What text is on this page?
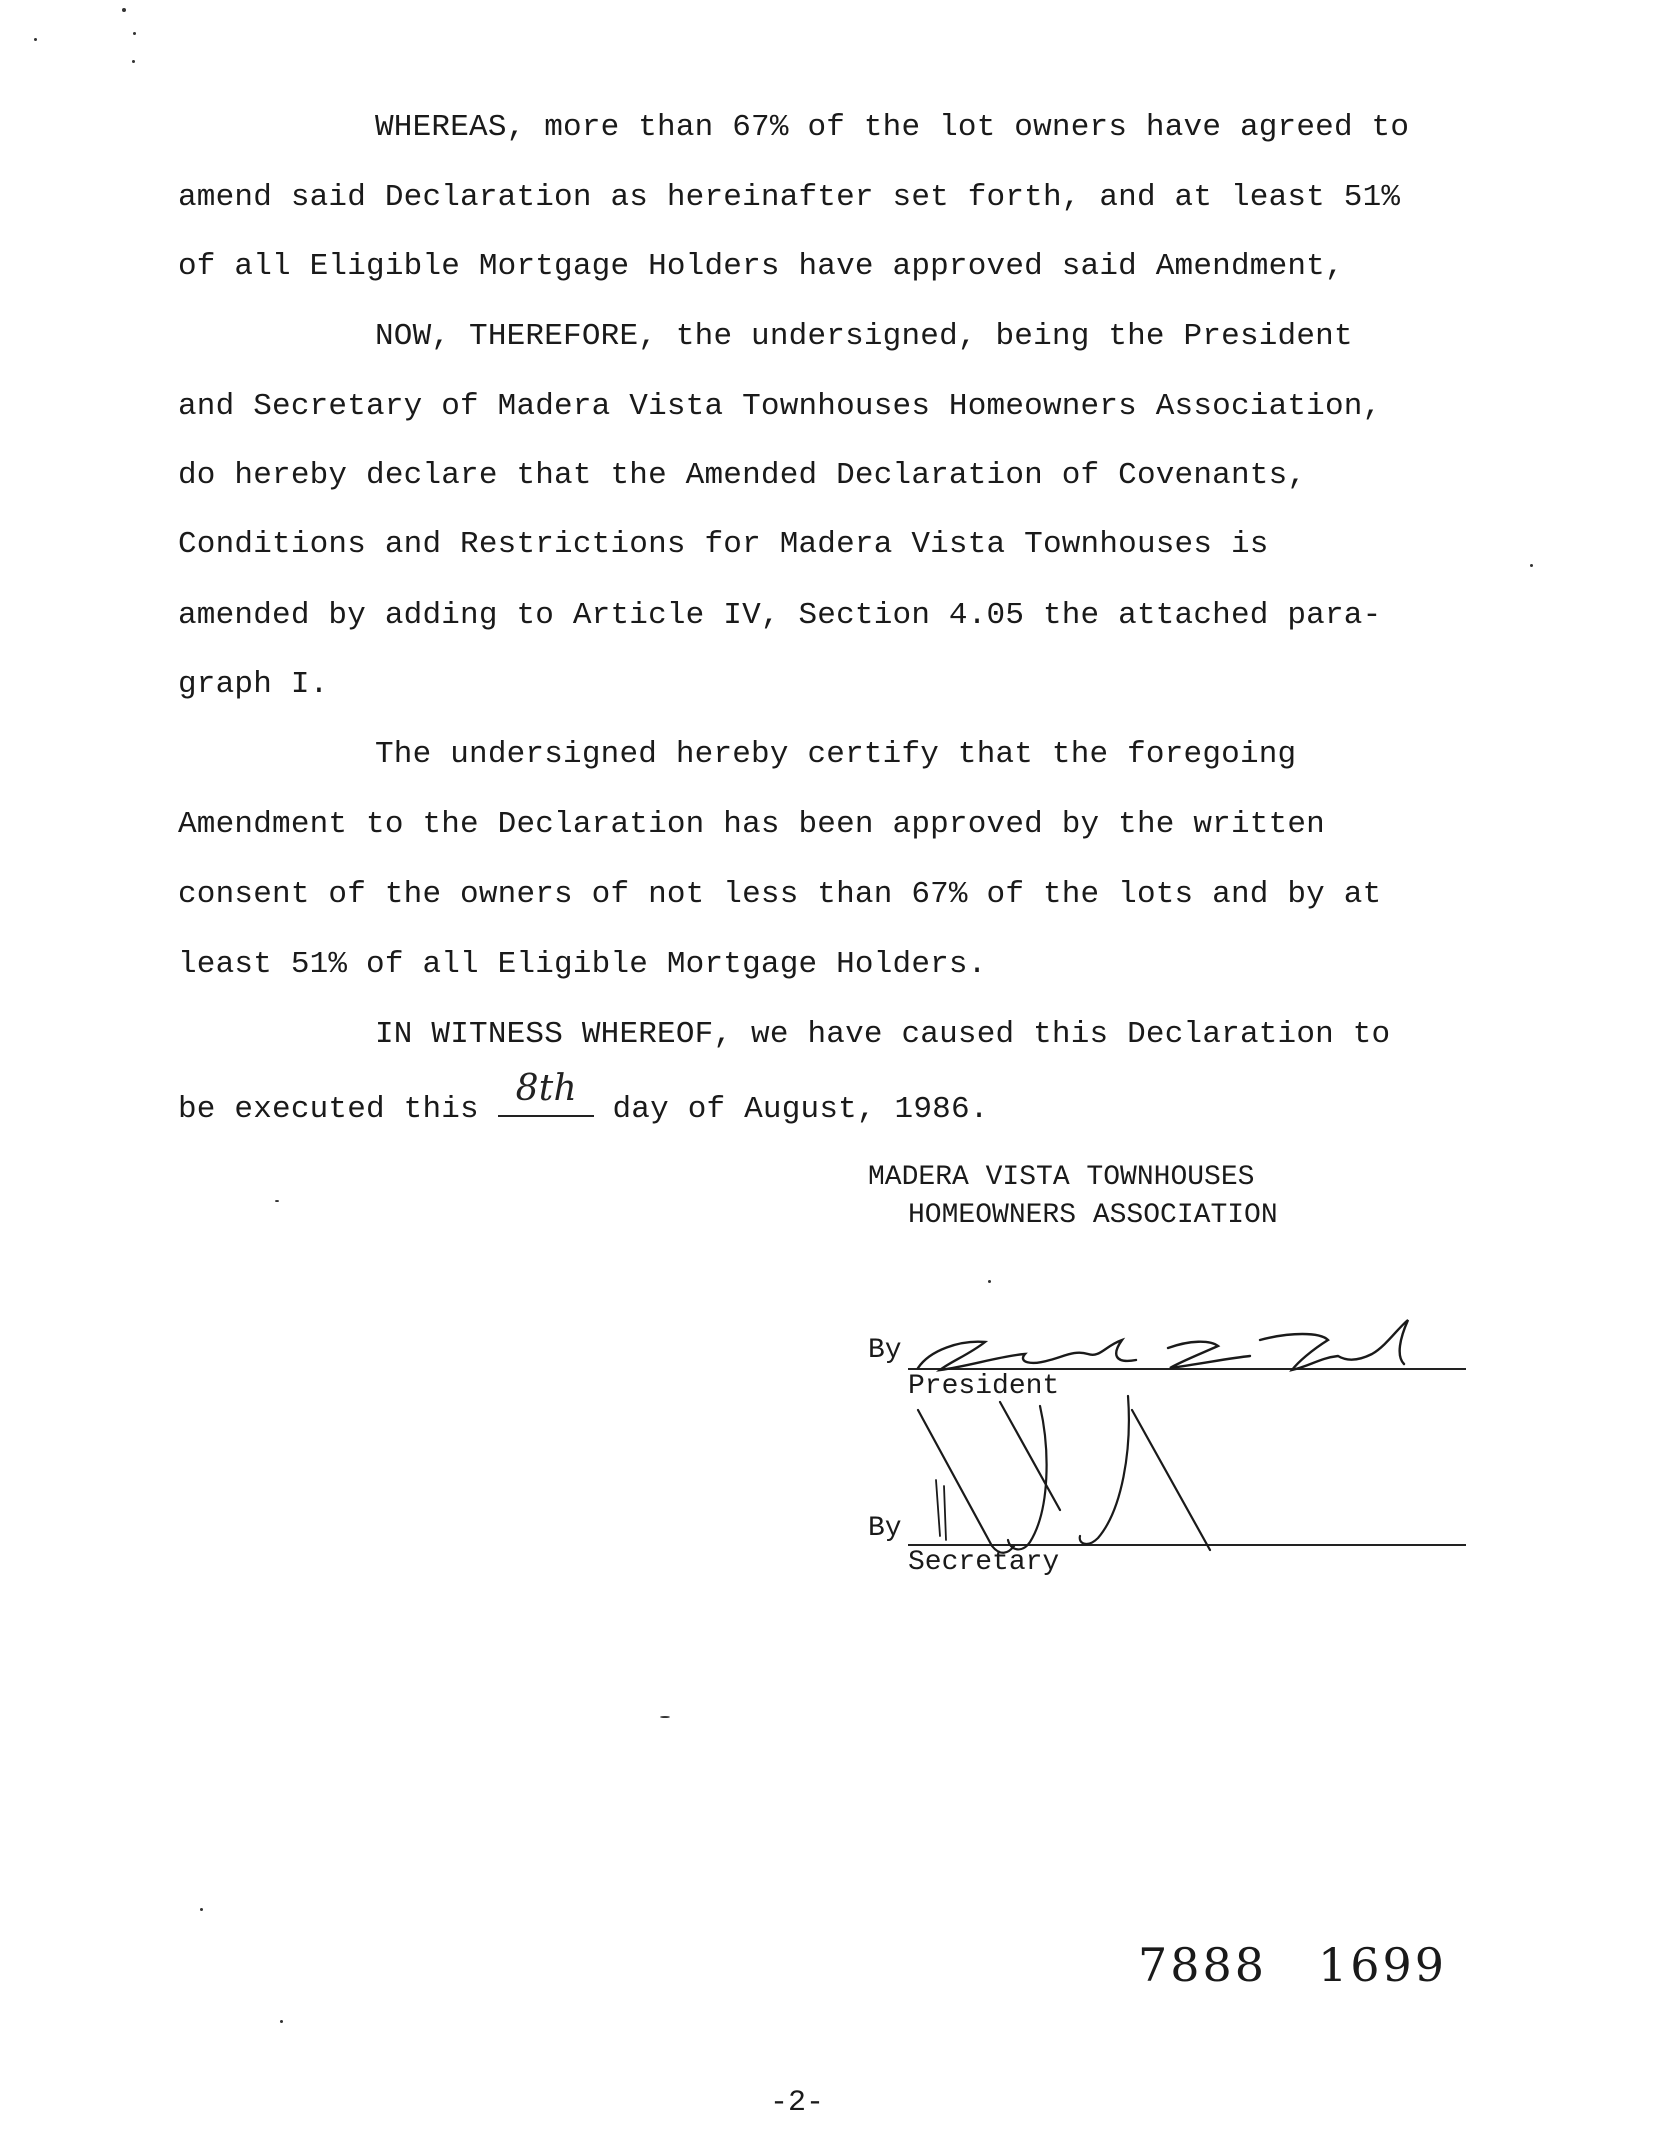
WHEREAS, more than 67% of the lot owners have agreed to
amend said Declaration as hereinafter set forth, and at least 51%
of all Eligible Mortgage Holders have approved said Amendment,
NOW, THEREFORE, the undersigned, being the President
and Secretary of Madera Vista Townhouses Homeowners Association,
do hereby declare that the Amended Declaration of Covenants,
Conditions and Restrictions for Madera Vista Townhouses is
amended by adding to Article IV, Section 4.05 the attached para-
graph I.
The undersigned hereby certify that the foregoing
Amendment to the Declaration has been approved by the written
consent of the owners of not less than 67% of the lots and by at
least 51% of all Eligible Mortgage Holders.
IN WITNESS WHEREOF, we have caused this Declaration to
be executed this
8th
day of August, 1986.
MADERA VISTA TOWNHOUSES
HOMEOWNERS ASSOCIATION
By
President
By
Secretary
7888 1699
-2-
